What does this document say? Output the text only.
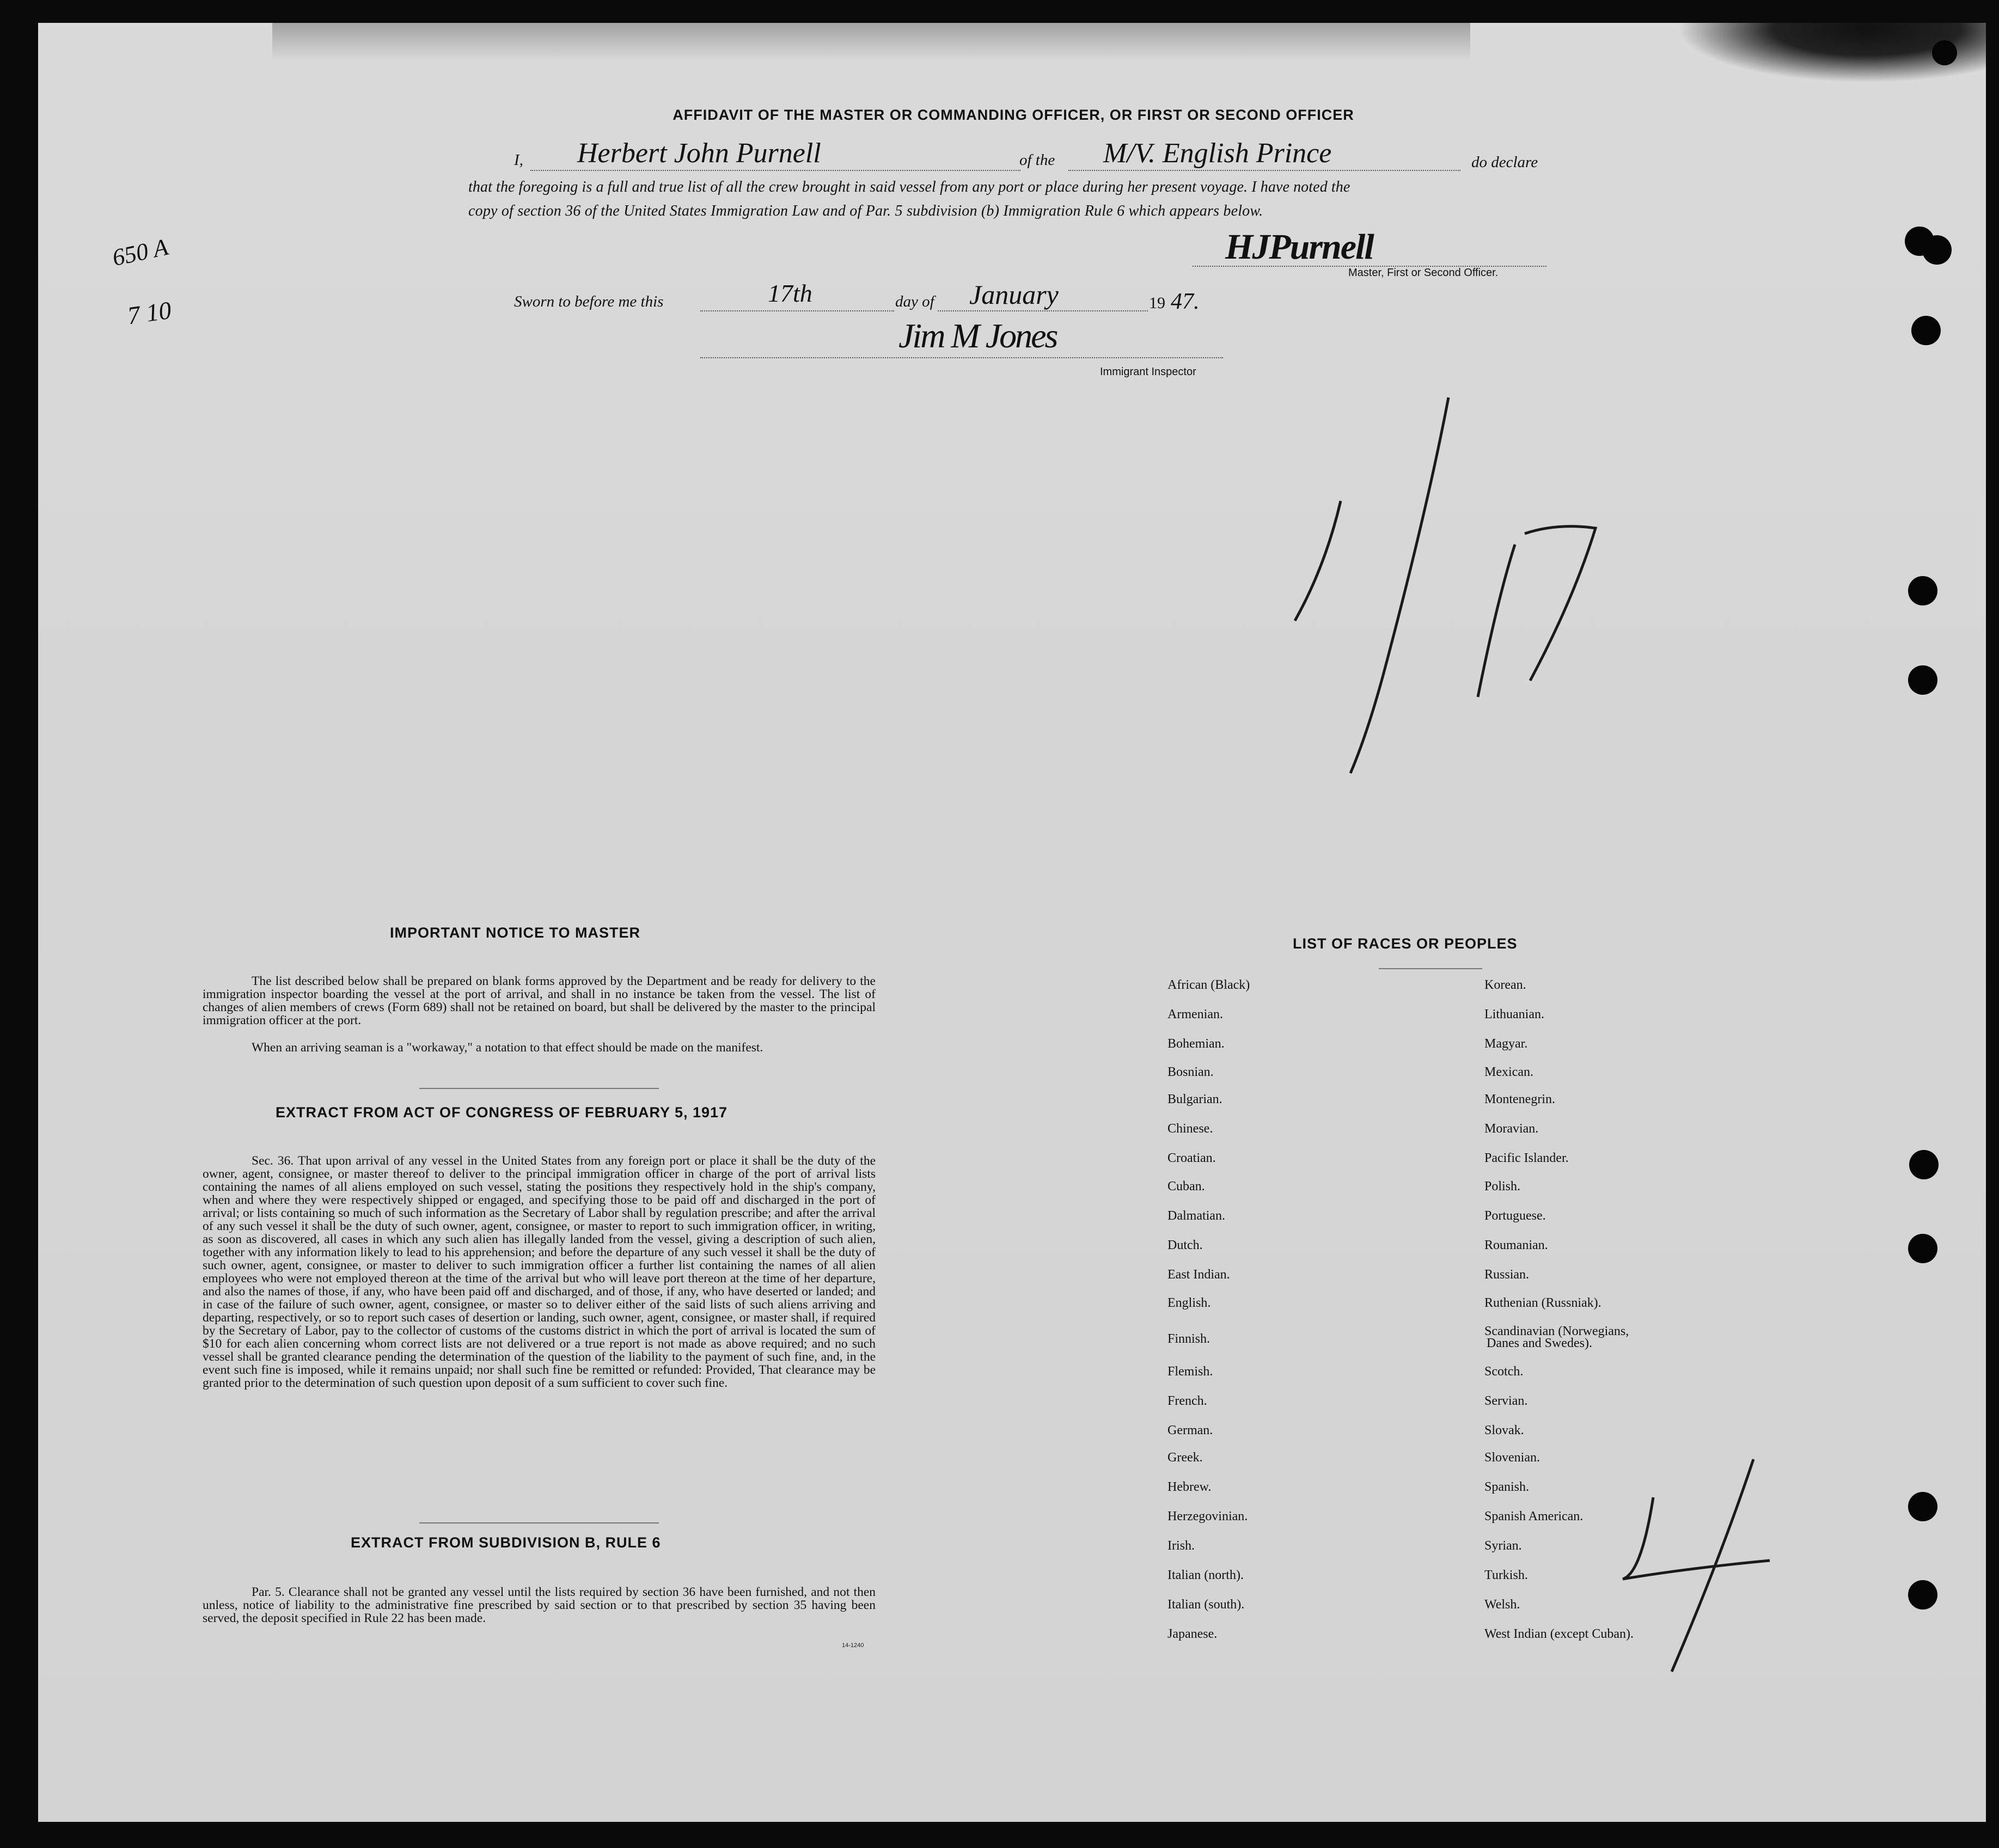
AFFIDAVIT OF THE MASTER OR COMMANDING OFFICER, OR FIRST OR SECOND OFFICER
I, Herbert John Purnell	of the M/V. English Prince	do declare
that the foregoing is a full and true list of all the crew brought in said vessel from any port or place during her present voyage. I have noted the
copy of section 36 of the United States Immigration Law and of Par. 5 subdivision (b) Immigration Rule 6 which appears below.
HJPurnell
Master, First or Second Officer.
Sworn to before me this	17th	day of January	19 47.
Jim M Jones
Immigrant Inspector
650 A
7 10
IMPORTANT NOTICE TO MASTER
The list described below shall be prepared on blank forms approved by the Department and be ready for delivery to the immigration inspector boarding the vessel at the port of arrival, and shall in no instance be taken from the vessel. The list of changes of alien members of crews (Form 689) shall not be retained on board, but shall be delivered by the master to the principal immigration officer at the port.
When an arriving seaman is a "workaway," a notation to that effect should be made on the manifest.
EXTRACT FROM ACT OF CONGRESS OF FEBRUARY 5, 1917
Sec. 36. That upon arrival of any vessel in the United States from any foreign port or place it shall be the duty of the owner, agent, consignee, or master thereof to deliver to the principal immigration officer in charge of the port of arrival lists containing the names of all aliens employed on such vessel, stating the positions they respectively hold in the ship's company, when and where they were respectively shipped or engaged, and specifying those to be paid off and discharged in the port of arrival; or lists containing so much of such information as the Secretary of Labor shall by regulation prescribe; and after the arrival of any such vessel it shall be the duty of such owner, agent, consignee, or master to report to such immigration officer, in writing, as soon as discovered, all cases in which any such alien has illegally landed from the vessel, giving a description of such alien, together with any information likely to lead to his apprehension; and before the departure of any such vessel it shall be the duty of such owner, agent, consignee, or master to deliver to such immigration officer a further list containing the names of all alien employees who were not employed thereon at the time of the arrival but who will leave port thereon at the time of her departure, and also the names of those, if any, who have been paid off and discharged, and of those, if any, who have deserted or landed; and in case of the failure of such owner, agent, consignee, or master so to deliver either of the said lists of such aliens arriving and departing, respectively, or so to report such cases of desertion or landing, such owner, agent, consignee, or master shall, if required by the Secretary of Labor, pay to the collector of customs of the customs district in which the port of arrival is located the sum of $10 for each alien concerning whom correct lists are not delivered or a true report is not made as above required; and no such vessel shall be granted clearance pending the determination of the question of the liability to the payment of such fine, and, in the event such fine is imposed, while it remains unpaid; nor shall such fine be remitted or refunded: Provided, That clearance may be granted prior to the determination of such question upon deposit of a sum sufficient to cover such fine.
EXTRACT FROM SUBDIVISION B, RULE 6
Par. 5. Clearance shall not be granted any vessel until the lists required by section 36 have been furnished, and not then unless, notice of liability to the administrative fine prescribed by said section or to that prescribed by section 35 having been served, the deposit specified in Rule 22 has been made.
14-1240
LIST OF RACES OR PEOPLES
African (Black)
Armenian.
Bohemian.
Bosnian.
Bulgarian.
Chinese.
Croatian.
Cuban.
Dalmatian.
Dutch.
East Indian.
English.
Finnish.
Flemish.
French.
German.
Greek.
Hebrew.
Herzegovinian.
Irish.
Italian (north).
Italian (south).
Japanese.
Korean.
Lithuanian.
Magyar.
Mexican.
Montenegrin.
Moravian.
Pacific Islander.
Polish.
Portuguese.
Roumanian.
Russian.
Ruthenian (Russniak).
Scandinavian (Norwegians,
Scotch.
Servian.
Slovak.
Slovenian.
Spanish.
Spanish American.
Syrian.
Turkish.
Welsh.
West Indian (except Cuban).
Danes and Swedes).
